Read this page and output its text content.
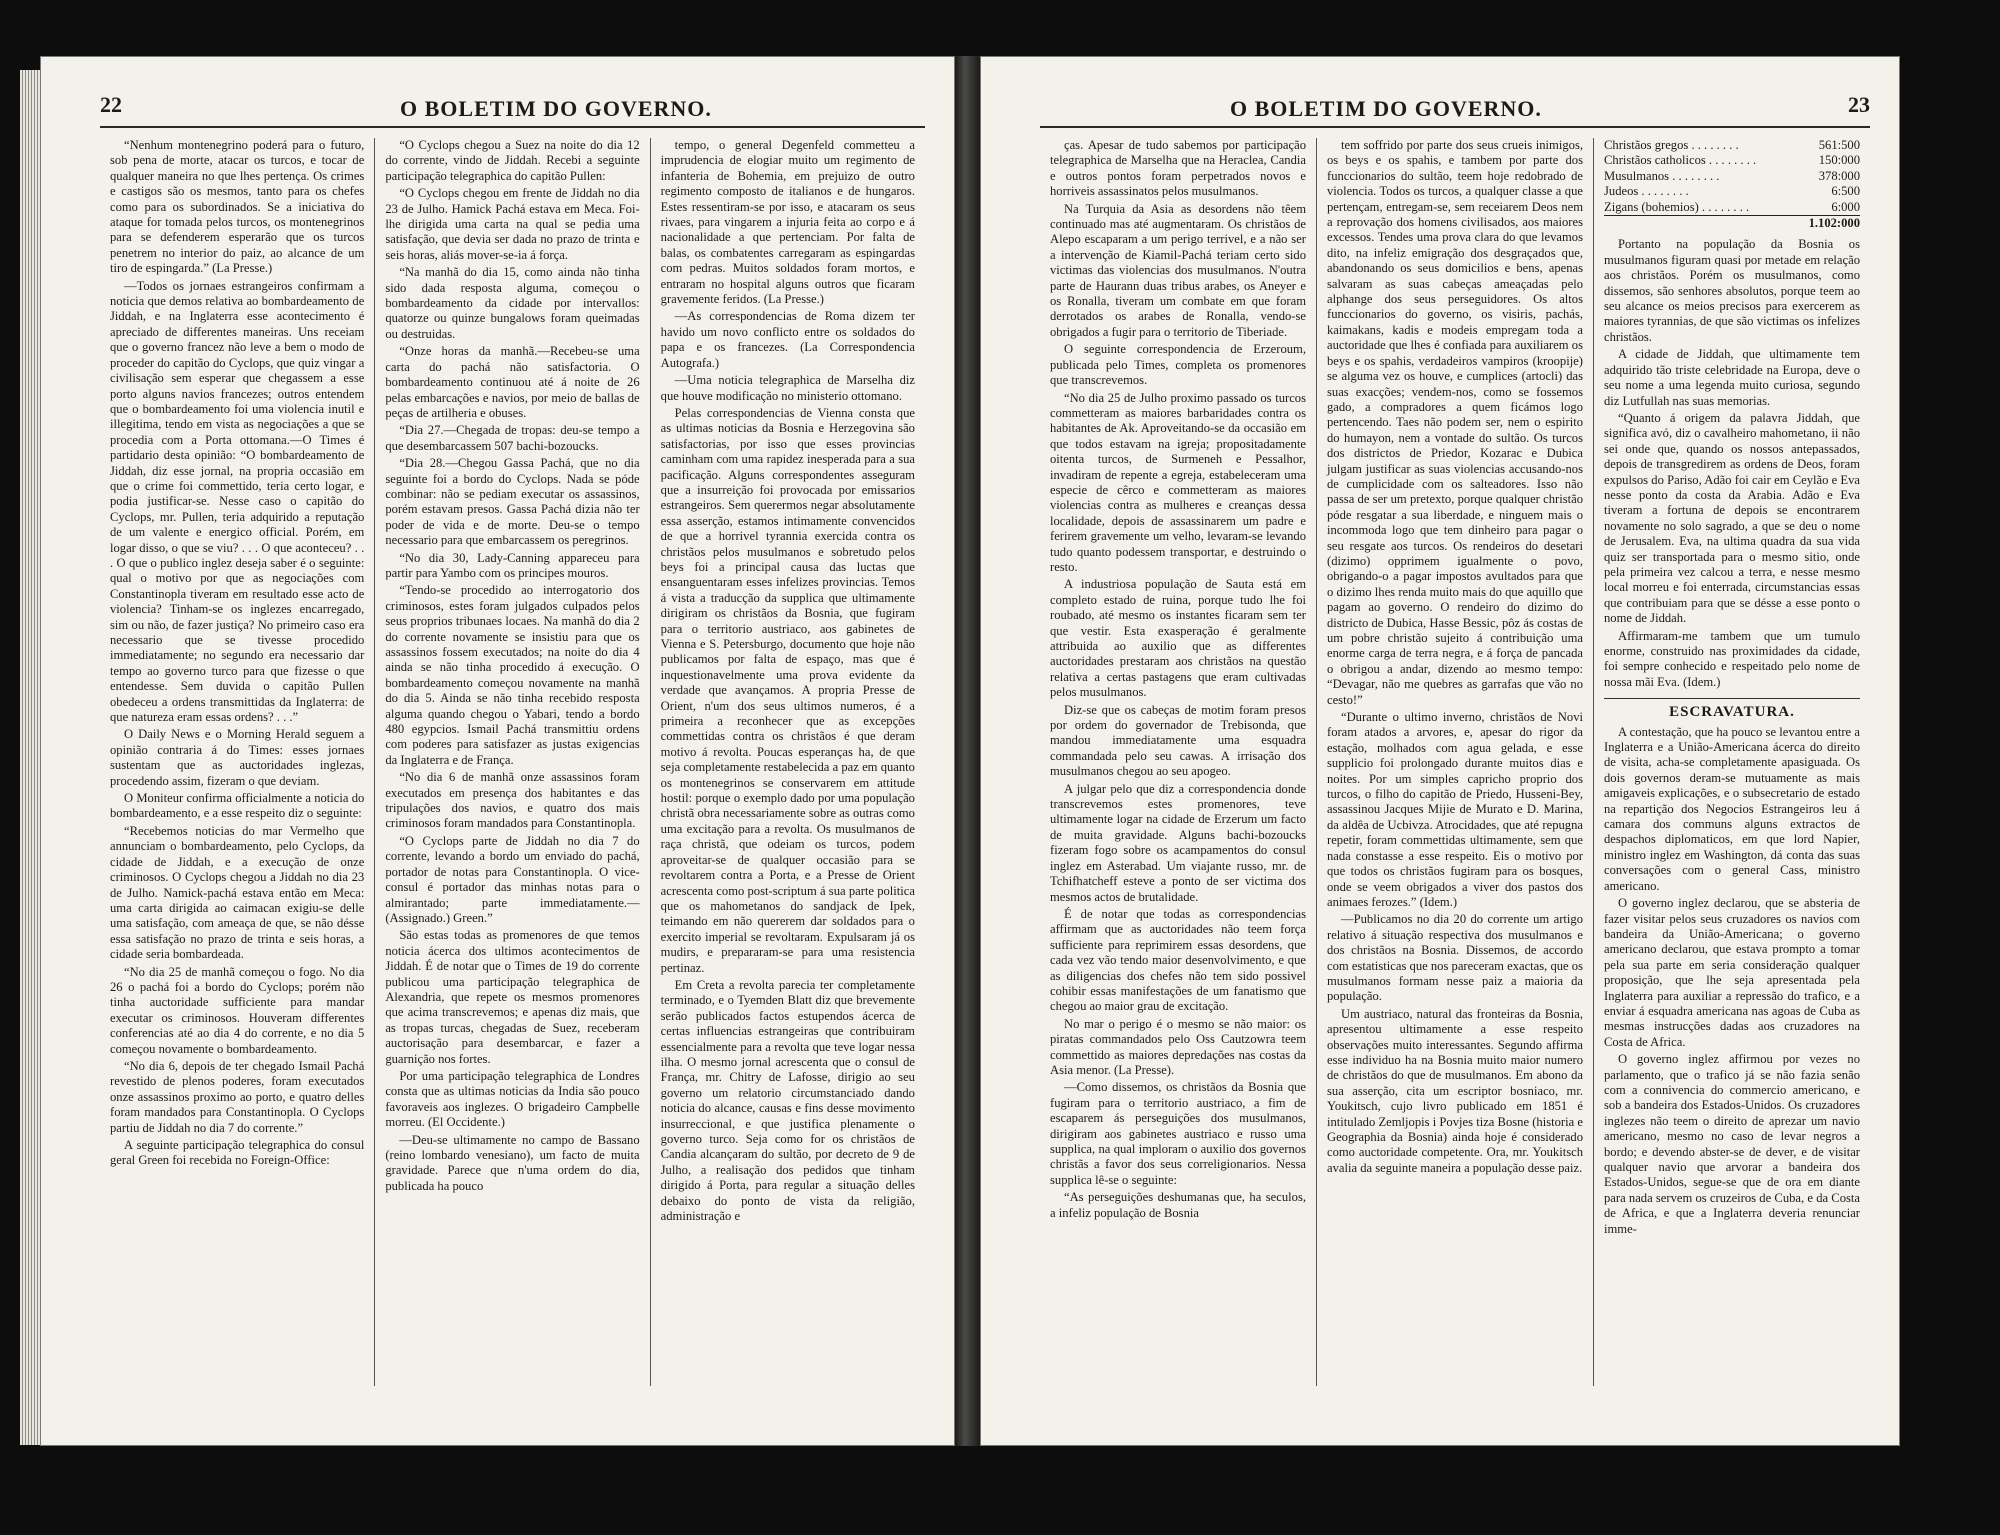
22	O BOLETIM DO GOVERNO.

“Nenhum montenegrino poderá para o futuro, sob pena de morte, atacar os turcos, e tocar de qualquer maneira no que lhes pertença. Os crimes e castigos são os mesmos, tanto para os chefes como para os subordinados. Se a iniciativa do ataque for tomada pelos turcos, os montenegrinos para se defenderem esperarão que os turcos penetrem no interior do paiz, ao alcance de um tiro de espingarda.” (La Presse.)

—Todos os jornaes estrangeiros confirmam a noticia que demos relativa ao bombardeamento de Jiddah, e na Inglaterra esse acontecimento é apreciado de differentes maneiras. Uns receiam que o governo francez não leve a bem o modo de proceder do capitão do Cyclops, que quiz vingar a civilisação sem esperar que chegassem a esse porto alguns navios francezes; outros entendem que o bombardeamento foi uma violencia inutil e illegitima, tendo em vista as negociações a que se procedia com a Porta ottomana.—O Times é partidario desta opinião: “O bombardeamento de Jiddah, diz esse jornal, na propria occasião em que o crime foi commettido, teria certo logar, e podia justificar-se. Nesse caso o capitão do Cyclops, mr. Pullen, teria adquirido a reputação de um valente e energico official. Porém, em logar disso, o que se viu? . . . O que aconteceu? . . . O que o publico inglez deseja saber é o seguinte: qual o motivo por que as negociações com Constantinopla tiveram em resultado esse acto de violencia? Tinham-se os inglezes encarregado, sim ou não, de fazer justiça? No primeiro caso era necessario que se tivesse procedido immediatamente; no segundo era necessario dar tempo ao governo turco para que fizesse o que entendesse. Sem duvida o capitão Pullen obedeceu a ordens transmittidas da Inglaterra: de que natureza eram essas ordens? . . .”

O Daily News e o Morning Herald seguem a opinião contraria á do Times: esses jornaes sustentam que as auctoridades inglezas, procedendo assim, fizeram o que deviam.

O Moniteur confirma officialmente a noticia do bombardeamento, e a esse respeito diz o seguinte:

“Recebemos noticias do mar Vermelho que annunciam o bombardeamento, pelo Cyclops, da cidade de Jiddah, e a execução de onze criminosos. O Cyclops chegou a Jiddah no dia 23 de Julho. Namick-pachá estava então em Meca: uma carta dirigida ao caimacan exigiu-se delle uma satisfação, com ameaça de que, se não désse essa satisfação no prazo de trinta e seis horas, a cidade seria bombardeada.

“No dia 25 de manhã começou o fogo. No dia 26 o pachá foi a bordo do Cyclops; porém não tinha auctoridade sufficiente para mandar executar os criminosos. Houveram differentes conferencias até ao dia 4 do corrente, e no dia 5 começou novamente o bombardeamento.

“No dia 6, depois de ter chegado Ismail Pachá revestido de plenos poderes, foram executados onze assassinos proximo ao porto, e quatro delles foram mandados para Constantinopla. O Cyclops partiu de Jiddah no dia 7 do corrente.”

A seguinte participação telegraphica do consul geral Green foi recebida no Foreign-Office:

“O Cyclops chegou a Suez na noite do dia 12 do corrente, vindo de Jiddah. Recebi a seguinte participação telegraphica do capitão Pullen:

“O Cyclops chegou em frente de Jiddah no dia 23 de Julho. Hamick Pachá estava em Meca. Foi-lhe dirigida uma carta na qual se pedia uma satisfação, que devia ser dada no prazo de trinta e seis horas, aliás mover-se-ia á força.

“Na manhã do dia 15, como ainda não tinha sido dada resposta alguma, começou o bombardeamento da cidade por intervallos: quatorze ou quinze bungalows foram queimadas ou destruidas.

“Onze horas da manhã.—Recebeu-se uma carta do pachá não satisfactoria. O bombardeamento continuou até á noite de 26 pelas embarcações e navios, por meio de ballas de peças de artilheria e obuses.

“Dia 27.—Chegada de tropas: deu-se tempo a que desembarcassem 507 bachi-bozoucks.

“Dia 28.—Chegou Gassa Pachá, que no dia seguinte foi a bordo do Cyclops. Nada se póde combinar: não se pediam executar os assassinos, porém estavam presos. Gassa Pachá dizia não ter poder de vida e de morte. Deu-se o tempo necessario para que embarcassem os peregrinos.

“No dia 30, Lady-Canning appareceu para partir para Yambo com os principes mouros.

“Tendo-se procedido ao interrogatorio dos criminosos, estes foram julgados culpados pelos seus proprios tribunaes locaes. Na manhã do dia 2 do corrente novamente se insistiu para que os assassinos fossem executados; na noite do dia 4 ainda se não tinha procedido á execução. O bombardeamento começou novamente na manhã do dia 5. Ainda se não tinha recebido resposta alguma quando chegou o Yabari, tendo a bordo 480 egypcios. Ismail Pachá transmittiu ordens com poderes para satisfazer as justas exigencias da Inglaterra e de França.

“No dia 6 de manhã onze assassinos foram executados em presença dos habitantes e das tripulações dos navios, e quatro dos mais criminosos foram mandados para Constantinopla.

“O Cyclops parte de Jiddah no dia 7 do corrente, levando a bordo um enviado do pachá, portador de notas para Constantinopla. O vice-consul é portador das minhas notas para o almirantado; parte immediatamente.—(Assignado.) Green.”

São estas todas as promenores de que temos noticia ácerca dos ultimos acontecimentos de Jiddah. É de notar que o Times de 19 do corrente publicou uma participação telegraphica de Alexandria, que repete os mesmos promenores que acima transcrevemos; e apenas diz mais, que as tropas turcas, chegadas de Suez, receberam auctorisação para desembarcar, e fazer a guarnição nos fortes.

Por uma participação telegraphica de Londres consta que as ultimas noticias da India são pouco favoraveis aos inglezes. O brigadeiro Campbelle morreu. (El Occidente.)

—Deu-se ultimamente no campo de Bassano (reino lombardo venesiano), um facto de muita gravidade. Parece que n'uma ordem do dia, publicada ha pouco

tempo, o general Degenfeld commetteu a imprudencia de elogiar muito um regimento de infanteria de Bohemia, em prejuizo de outro regimento composto de italianos e de hungaros. Estes ressentiram-se por isso, e atacaram os seus rivaes, para vingarem a injuria feita ao corpo e á nacionalidade a que pertenciam. Por falta de balas, os combatentes carregaram as espingardas com pedras. Muitos soldados foram mortos, e entraram no hospital alguns outros que ficaram gravemente feridos. (La Presse.)

—As correspondencias de Roma dizem ter havido um novo conflicto entre os soldados do papa e os francezes. (La Correspondencia Autografa.)

—Uma noticia telegraphica de Marselha diz que houve modificação no ministerio ottomano.

Pelas correspondencias de Vienna consta que as ultimas noticias da Bosnia e Herzegovina são satisfactorias, por isso que esses provincias caminham com uma rapidez inesperada para a sua pacificação. Alguns correspondentes asseguram que a insurreição foi provocada por emissarios estrangeiros. Sem querermos negar absolutamente essa asserção, estamos intimamente convencidos de que a horrivel tyrannia exercida contra os christãos pelos musulmanos e sobretudo pelos beys foi a principal causa das luctas que ensanguentaram esses infelizes provincias. Temos á vista a traducção da supplica que ultimamente dirigiram os christãos da Bosnia, que fugiram para o territorio austriaco, aos gabinetes de Vienna e S. Petersburgo, documento que hoje não publicamos por falta de espaço, mas que é inquestionavelmente uma prova evidente da verdade que avançamos. A propria Presse de Orient, n'um dos seus ultimos numeros, é a primeira a reconhecer que as excepções commettidas contra os christãos é que deram motivo á revolta. Poucas esperanças ha, de que seja completamente restabelecida a paz em quanto os montenegrinos se conservarem em attitude hostil: porque o exemplo dado por uma população christã obra necessariamente sobre as outras como uma excitação para a revolta. Os musulmanos de raça christã, que odeiam os turcos, podem aproveitar-se de qualquer occasião para se revoltarem contra a Porta, e a Presse de Orient acrescenta como post-scriptum á sua parte politica que os mahometanos do sandjack de Ipek, teimando em não quererem dar soldados para o exercito imperial se revoltaram. Expulsaram já os mudirs, e prepararam-se para uma resistencia pertinaz.

Em Creta a revolta parecia ter completamente terminado, e o Tyemden Blatt diz que brevemente serão publicados factos estupendos ácerca de certas influencias estrangeiras que contribuiram essencialmente para a revolta que teve logar nessa ilha. O mesmo jornal acrescenta que o consul de França, mr. Chitry de Lafosse, dirigio ao seu governo um relatorio circumstanciado dando noticia do alcance, causas e fins desse movimento insurreccional, e que justifica plenamente o governo turco. Seja como for os christãos de Candia alcançaram do sultão, por decreto de 9 de Julho, a realisação dos pedidos que tinham dirigido á Porta, para regular a situação delles debaixo do ponto de vista da religião, administração e

O BOLETIM DO GOVERNO.	23

ças. Apesar de tudo sabemos por participação telegraphica de Marselha que na Heraclea, Candia e outros pontos foram perpetrados novos e horriveis assassinatos pelos musulmanos.

Na Turquia da Asia as desordens não têem continuado mas até augmentaram. Os christãos de Alepo escaparam a um perigo terrivel, e a não ser a intervenção de Kiamil-Pachá teriam certo sido victimas das violencias dos musulmanos. N'outra parte de Haurann duas tribus arabes, os Aneyer e os Ronalla, tiveram um combate em que foram derrotados os arabes de Ronalla, vendo-se obrigados a fugir para o territorio de Tiberiade.

O seguinte correspondencia de Erzeroum, publicada pelo Times, completa os promenores que transcrevemos.

“No dia 25 de Julho proximo passado os turcos commetteram as maiores barbaridades contra os habitantes de Ak. Aproveitando-se da occasião em que todos estavam na igreja; propositadamente oitenta turcos, de Surmeneh e Pessalhor, invadiram de repente a egreja, estabeleceram uma especie de cêrco e commetteram as maiores violencias contra as mulheres e creanças dessa localidade, depois de assassinarem um padre e ferirem gravemente um velho, levaram-se levando tudo quanto podessem transportar, e destruindo o resto.

A industriosa população de Sauta está em completo estado de ruina, porque tudo lhe foi roubado, até mesmo os instantes ficaram sem ter que vestir. Esta exasperação é geralmente attribuida ao auxilio que as differentes auctoridades prestaram aos christãos na questão relativa a certas pastagens que eram cultivadas pelos musulmanos.

Diz-se que os cabeças de motim foram presos por ordem do governador de Trebisonda, que mandou immediatamente uma esquadra commandada pelo seu cawas. A irrisação dos musulmanos chegou ao seu apogeo.

A julgar pelo que diz a correspondencia donde transcrevemos estes promenores, teve ultimamente logar na cidade de Erzerum um facto de muita gravidade. Alguns bachi-bozoucks fizeram fogo sobre os acampamentos do consul inglez em Asterabad. Um viajante russo, mr. de Tchifhatcheff esteve a ponto de ser victima dos mesmos actos de brutalidade.

É de notar que todas as correspondencias affirmam que as auctoridades não teem força sufficiente para reprimirem essas desordens, que cada vez vão tendo maior desenvolvimento, e que as diligencias dos chefes não tem sido possivel cohibir essas manifestações de um fanatismo que chegou ao maior grau de excitação.

No mar o perigo é o mesmo se não maior: os piratas commandados pelo Oss Cautzowra teem commettido as maiores depredações nas costas da Asia menor. (La Presse).

—Como dissemos, os christãos da Bosnia que fugiram para o territorio austriaco, a fim de escaparem ás perseguições dos musulmanos, dirigiram aos gabinetes austriaco e russo uma supplica, na qual imploram o auxilio dos governos christãs a favor dos seus correligionarios. Nessa supplica lê-se o seguinte:

“As perseguições deshumanas que, ha seculos, a infeliz população de Bosnia

tem soffrido por parte dos seus crueis inimigos, os beys e os spahis, e tambem por parte dos funccionarios do sultão, teem hoje redobrado de violencia. Todos os turcos, a qualquer classe a que pertençam, entregam-se, sem receiarem Deos nem a reprovação dos homens civilisados, aos maiores excessos. Tendes uma prova clara do que levamos dito, na infeliz emigração dos desgraçados que, abandonando os seus domicilios e bens, apenas salvaram as suas cabeças ameaçadas pelo alphange dos seus perseguidores. Os altos funccionarios do governo, os visiris, pachás, kaimakans, kadis e modeis empregam toda a auctoridade que lhes é confiada para auxiliarem os beys e os spahis, verdadeiros vampiros (kroopije) se alguma vez os houve, e cumplices (artocli) das suas exacções; vendem-nos, como se fossemos gado, a compradores a quem ficámos logo pertencendo. Taes não podem ser, nem o espirito do humayon, nem a vontade do sultão. Os turcos dos districtos de Priedor, Kozarac e Dubica julgam justificar as suas violencias accusando-nos de cumplicidade com os salteadores. Isso não passa de ser um pretexto, porque qualquer christão póde resgatar a sua liberdade, e ninguem mais o incommoda logo que tem dinheiro para pagar o seu resgate aos turcos. Os rendeiros do desetari (dizimo) opprimem igualmente o povo, obrigando-o a pagar impostos avultados para que o dizimo lhes renda muito mais do que aquillo que pagam ao governo. O rendeiro do dizimo do districto de Dubica, Hasse Bessic, pôz ás costas de um pobre christão sujeito á contribuição uma enorme carga de terra negra, e á força de pancada o obrigou a andar, dizendo ao mesmo tempo: “Devagar, não me quebres as garrafas que vão no cesto!”

“Durante o ultimo inverno, christãos de Novi foram atados a arvores, e, apesar do rigor da estação, molhados com agua gelada, e esse supplicio foi prolongado durante muitos dias e noites. Por um simples capricho proprio dos turcos, o filho do capitão de Priedo, Husseni-Bey, assassinou Jacques Mijie de Murato e D. Marina, da aldêa de Ucbivza. Atrocidades, que até repugna repetir, foram commettidas ultimamente, sem que nada constasse a esse respeito. Eis o motivo por que todos os christãos fugiram para os bosques, onde se veem obrigados a viver dos pastos dos animaes ferozes.” (Idem.)

—Publicamos no dia 20 do corrente um artigo relativo á situação respectiva dos musulmanos e dos christãos na Bosnia. Dissemos, de accordo com estatisticas que nos pareceram exactas, que os musulmanos formam nesse paiz a maioria da população.

Um austriaco, natural das fronteiras da Bosnia, apresentou ultimamente a esse respeito observações muito interessantes. Segundo affirma esse individuo ha na Bosnia muito maior numero de christãos do que de musulmanos. Em abono da sua asserção, cita um escriptor bosniaco, mr. Youkitsch, cujo livro publicado em 1851 é intitulado Zemljopis i Povjes tiza Bosne (historia e Geographia da Bosnia) ainda hoje é considerado como auctoridade competente. Ora, mr. Youkitsch avalia da seguinte maneira a população desse paiz.

Christãos gregos . . . . . . . .	561:500
Christãos catholicos . . . . . . . .	150:000
Musulmanos . . . . . . . .	378:000
Judeos . . . . . . . .	6:500
Zigans (bohemios) . . . . . . . .	6:000
	1.102:000

Portanto na população da Bosnia os musulmanos figuram quasi por metade em relação aos christãos. Porém os musulmanos, como dissemos, são senhores absolutos, porque teem ao seu alcance os meios precisos para exercerem as maiores tyrannias, de que são victimas os infelizes christãos.

A cidade de Jiddah, que ultimamente tem adquirido tão triste celebridade na Europa, deve o seu nome a uma legenda muito curiosa, segundo diz Lutfullah nas suas memorias.

“Quanto á origem da palavra Jiddah, que significa avó, diz o cavalheiro mahometano, ii não sei onde que, quando os nossos antepassados, depois de transgredirem as ordens de Deos, foram expulsos do Pariso, Adão foi cair em Ceylão e Eva nesse ponto da costa da Arabia. Adão e Eva tiveram a fortuna de depois se encontrarem novamente no solo sagrado, a que se deu o nome de Jerusalem. Eva, na ultima quadra da sua vida quiz ser transportada para o mesmo sitio, onde pela primeira vez calcou a terra, e nesse mesmo local morreu e foi enterrada, circumstancias essas que contribuiam para que se désse a esse ponto o nome de Jiddah.

Affirmaram-me tambem que um tumulo enorme, construido nas proximidades da cidade, foi sempre conhecido e respeitado pelo nome de nossa mãi Eva. (Idem.)

ESCRAVATURA.

A contestação, que ha pouco se levantou entre a Inglaterra e a União-Americana ácerca do direito de visita, acha-se completamente apasiguada. Os dois governos deram-se mutuamente as mais amigaveis explicações, e o subsecretario de estado na repartição dos Negocios Estrangeiros leu á camara dos communs alguns extractos de despachos diplomaticos, em que lord Napier, ministro inglez em Washington, dá conta das suas conversações com o general Cass, ministro americano.

O governo inglez declarou, que se absteria de fazer visitar pelos seus cruzadores os navios com bandeira da União-Americana; o governo americano declarou, que estava prompto a tomar pela sua parte em seria consideração qualquer proposição, que lhe seja apresentada pela Inglaterra para auxiliar a repressão do trafico, e a enviar á esquadra americana nas agoas de Cuba as mesmas instrucções dadas aos cruzadores na Costa de Africa.

O governo inglez affirmou por vezes no parlamento, que o trafico já se não fazia senão com a connivencia do commercio americano, e sob a bandeira dos Estados-Unidos. Os cruzadores inglezes não teem o direito de aprezar um navio americano, mesmo no caso de levar negros a bordo; e devendo abster-se de dever, e de visitar qualquer navio que arvorar a bandeira dos Estados-Unidos, segue-se que de ora em diante para nada servem os cruzeiros de Cuba, e da Costa de Africa, e que a Inglaterra deveria renunciar imme-
